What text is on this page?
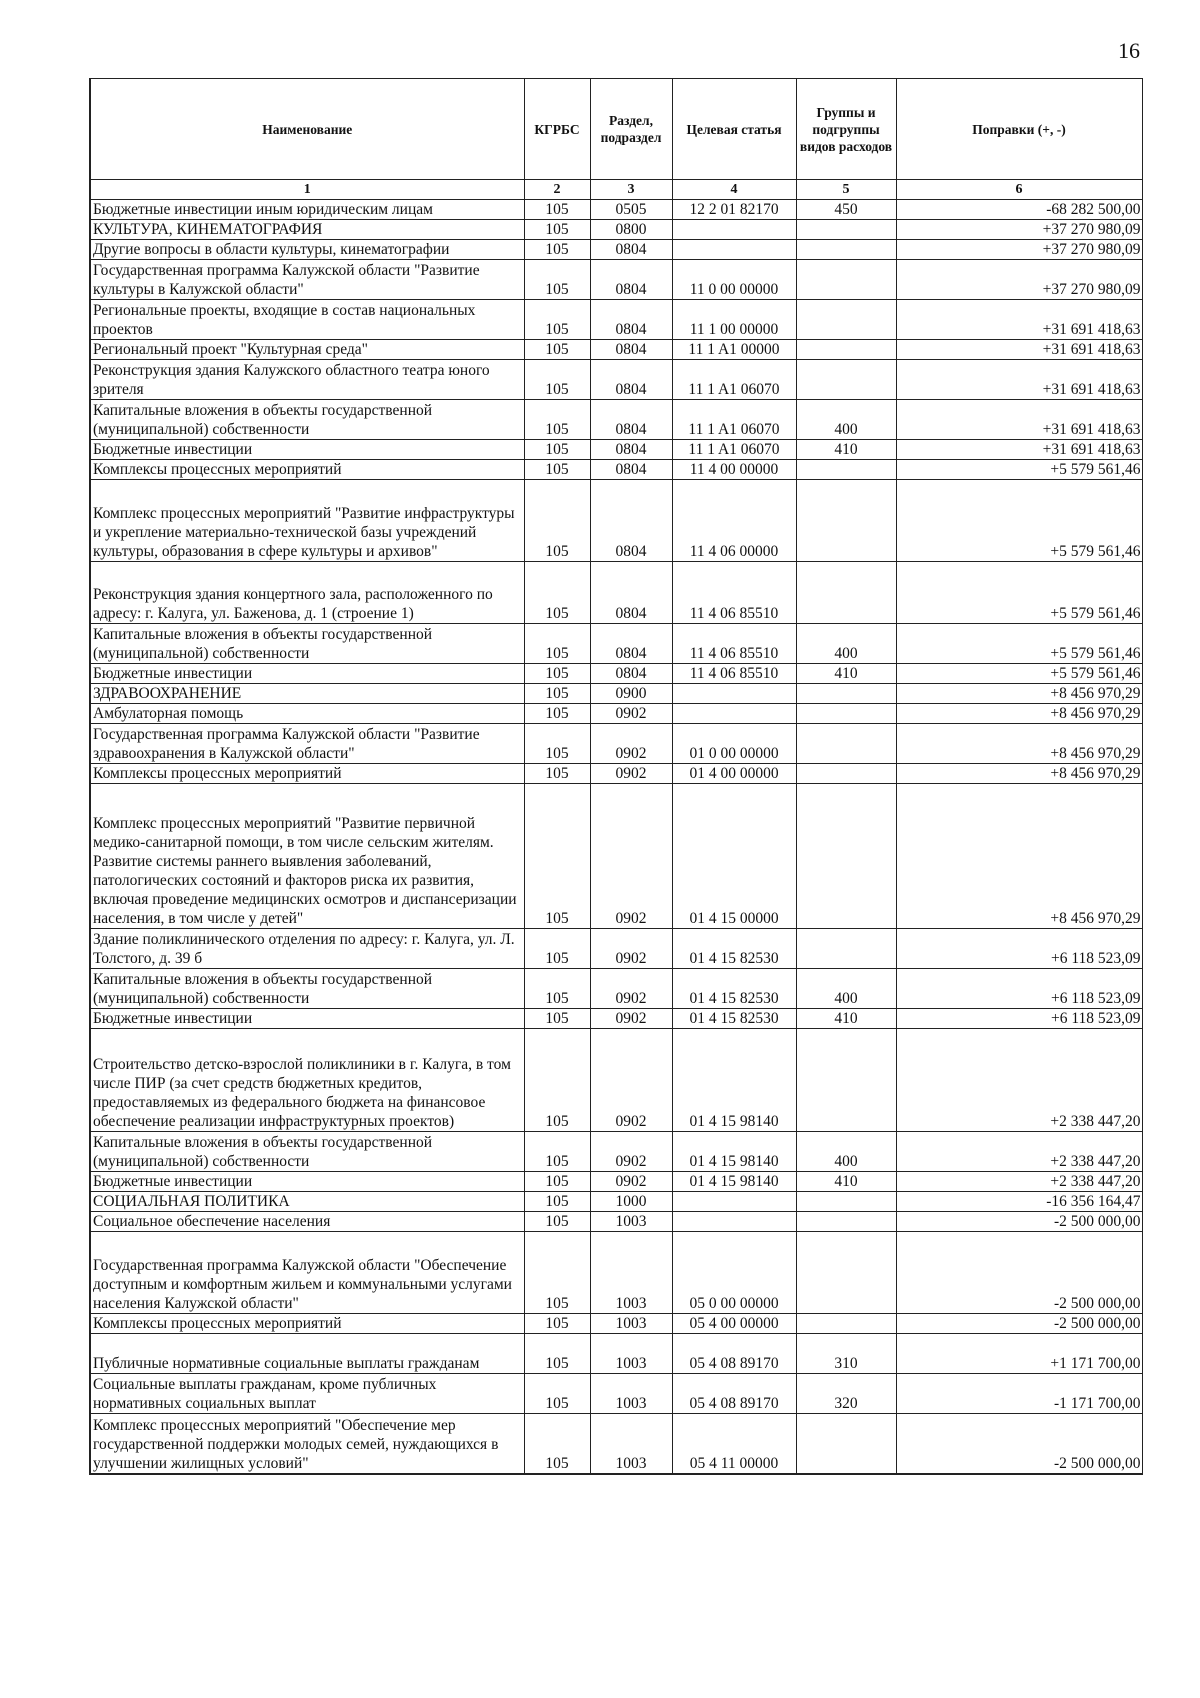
16
Наименование	КГРБС	Раздел, подраздел	Целевая статья	Группы и подгруппы видов расходов	Поправки (+, -)
1	2	3	4	5	6
Бюджетные инвестиции иным юридическим лицам	105	0505	12 2 01 82170	450	-68 282 500,00
КУЛЬТУРА, КИНЕМАТОГРАФИЯ	105	0800			+37 270 980,09
Другие вопросы в области культуры, кинематографии	105	0804			+37 270 980,09
Государственная программа Калужской области "Развитие культуры в Калужской области"	105	0804	11 0 00 00000		+37 270 980,09
Региональные проекты, входящие в состав национальных проектов	105	0804	11 1 00 00000		+31 691 418,63
Региональный проект "Культурная среда"	105	0804	11 1 A1 00000		+31 691 418,63
Реконструкция здания Калужского областного театра юного зрителя	105	0804	11 1 A1 06070		+31 691 418,63
Капитальные вложения в объекты государственной (муниципальной) собственности	105	0804	11 1 A1 06070	400	+31 691 418,63
Бюджетные инвестиции	105	0804	11 1 A1 06070	410	+31 691 418,63
Комплексы процессных мероприятий	105	0804	11 4 00 00000		+5 579 561,46
Комплекс процессных мероприятий "Развитие инфраструктуры и укрепление материально-технической базы учреждений культуры, образования в сфере культуры и архивов"	105	0804	11 4 06 00000		+5 579 561,46
Реконструкция здания концертного зала, расположенного по адресу: г. Калуга, ул. Баженова, д. 1 (строение 1)	105	0804	11 4 06 85510		+5 579 561,46
Капитальные вложения в объекты государственной (муниципальной) собственности	105	0804	11 4 06 85510	400	+5 579 561,46
Бюджетные инвестиции	105	0804	11 4 06 85510	410	+5 579 561,46
ЗДРАВООХРАНЕНИЕ	105	0900			+8 456 970,29
Амбулаторная помощь	105	0902			+8 456 970,29
Государственная программа Калужской области "Развитие здравоохранения в Калужской области"	105	0902	01 0 00 00000		+8 456 970,29
Комплексы процессных мероприятий	105	0902	01 4 00 00000		+8 456 970,29
Комплекс процессных мероприятий "Развитие первичной медико-санитарной помощи, в том числе сельским жителям. Развитие системы раннего выявления заболеваний, патологических состояний и факторов риска их развития, включая проведение медицинских осмотров и диспансеризации населения, в том числе у детей"	105	0902	01 4 15 00000		+8 456 970,29
Здание поликлинического отделения по адресу: г. Калуга, ул. Л. Толстого, д. 39 б	105	0902	01 4 15 82530		+6 118 523,09
Капитальные вложения в объекты государственной (муниципальной) собственности	105	0902	01 4 15 82530	400	+6 118 523,09
Бюджетные инвестиции	105	0902	01 4 15 82530	410	+6 118 523,09
Строительство детско-взрослой поликлиники в г. Калуга, в том числе ПИР (за счет средств бюджетных кредитов, предоставляемых из федерального бюджета на финансовое обеспечение реализации инфраструктурных проектов)	105	0902	01 4 15 98140		+2 338 447,20
Капитальные вложения в объекты государственной (муниципальной) собственности	105	0902	01 4 15 98140	400	+2 338 447,20
Бюджетные инвестиции	105	0902	01 4 15 98140	410	+2 338 447,20
СОЦИАЛЬНАЯ ПОЛИТИКА	105	1000			-16 356 164,47
Социальное обеспечение населения	105	1003			-2 500 000,00
Государственная программа Калужской области "Обеспечение доступным и комфортным жильем и коммунальными услугами населения Калужской области"	105	1003	05 0 00 00000		-2 500 000,00
Комплексы процессных мероприятий	105	1003	05 4 00 00000		-2 500 000,00
Публичные нормативные социальные выплаты гражданам	105	1003	05 4 08 89170	310	+1 171 700,00
Социальные выплаты гражданам, кроме публичных нормативных социальных выплат	105	1003	05 4 08 89170	320	-1 171 700,00
Комплекс процессных мероприятий "Обеспечение мер государственной поддержки молодых семей, нуждающихся в улучшении жилищных условий"	105	1003	05 4 11 00000		-2 500 000,00
